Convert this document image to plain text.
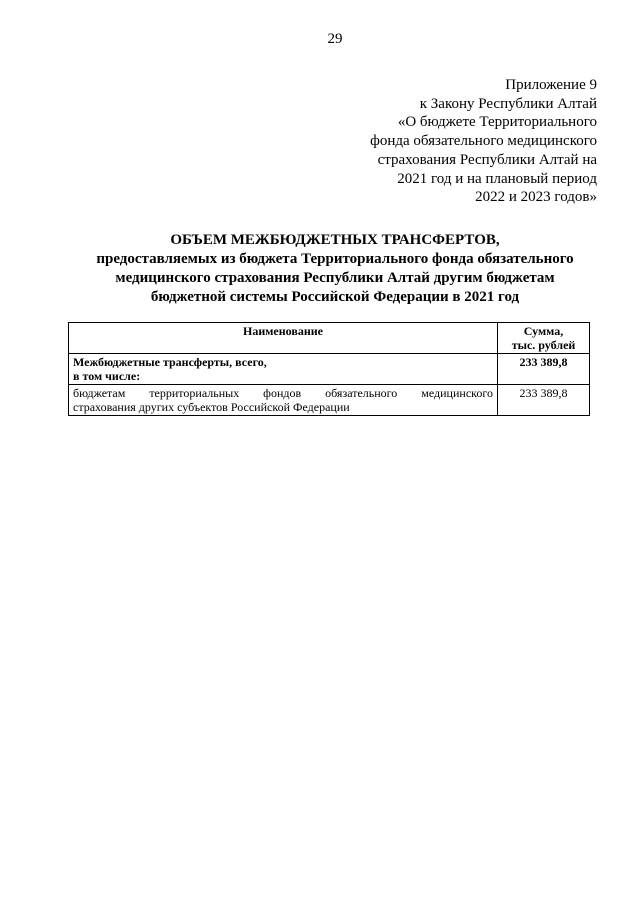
29
Приложение 9
к Закону Республики Алтай
«О бюджете Территориального
фонда обязательного медицинского
страхования Республики Алтай на
2021 год и на плановый период
2022 и 2023 годов»
ОБЪЕМ МЕЖБЮДЖЕТНЫХ ТРАНСФЕРТОВ,
предоставляемых из бюджета Территориального фонда обязательного
медицинского страхования Республики Алтай другим бюджетам
бюджетной системы Российской Федерации в 2021 год
Наименование	Сумма,
тыс. рублей

Межбюджетные трансферты, всего,
в том числе:	233 389,8

бюджетам территориальных фондов обязательного медицинского
страхования других субъектов Российской Федерации	233 389,8
